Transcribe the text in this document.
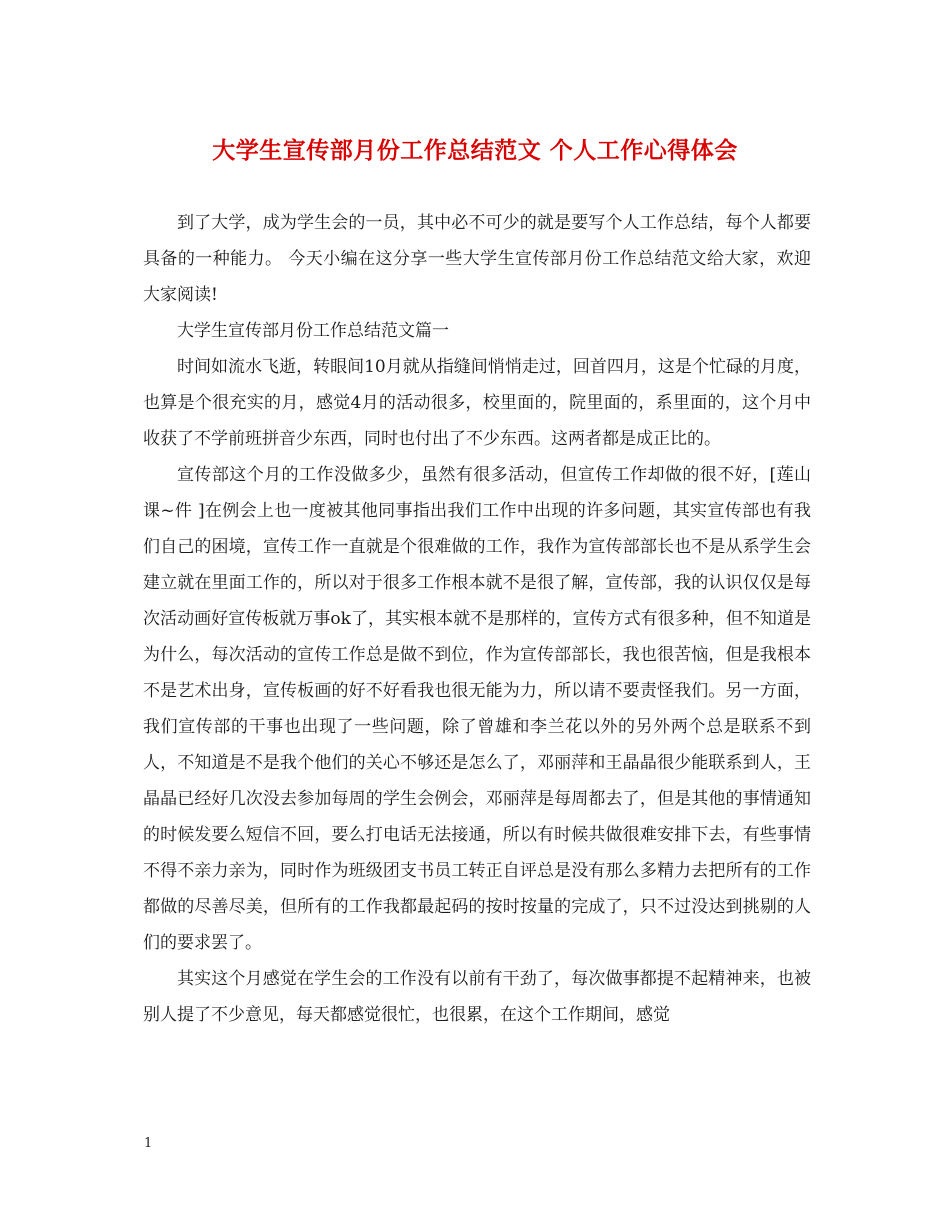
大学生宣传部月份工作总结范文 个人工作心得体会

到了大学，成为学生会的一员，其中必不可少的就是要写个人工作总结，每个人都要具备的一种能力。 今天小编在这分享一些大学生宣传部月份工作总结范文给大家，欢迎大家阅读!

大学生宣传部月份工作总结范文篇一

时间如流水飞逝，转眼间10月就从指缝间悄悄走过，回首四月，这是个忙碌的月度，也算是个很充实的月，感觉4月的活动很多，校里面的，院里面的，系里面的，这个月中收获了不学前班拼音少东西，同时也付出了不少东西。这两者都是成正比的。

宣传部这个月的工作没做多少，虽然有很多活动，但宣传工作却做的很不好，[莲山课~件 ]在例会上也一度被其他同事指出我们工作中出现的许多问题，其实宣传部也有我们自己的困境，宣传工作一直就是个很难做的工作，我作为宣传部部长也不是从系学生会建立就在里面工作的，所以对于很多工作根本就不是很了解，宣传部，我的认识仅仅是每次活动画好宣传板就万事ok了，其实根本就不是那样的，宣传方式有很多种，但不知道是为什么，每次活动的宣传工作总是做不到位，作为宣传部部长，我也很苦恼，但是我根本不是艺术出身，宣传板画的好不好看我也很无能为力，所以请不要责怪我们。另一方面，我们宣传部的干事也出现了一些问题，除了曾雄和李兰花以外的另外两个总是联系不到人，不知道是不是我个他们的关心不够还是怎么了，邓丽萍和王晶晶很少能联系到人，王晶晶已经好几次没去参加每周的学生会例会，邓丽萍是每周都去了，但是其他的事情通知的时候发要么短信不回，要么打电话无法接通，所以有时候共做很难安排下去，有些事情不得不亲力亲为，同时作为班级团支书员工转正自评总是没有那么多精力去把所有的工作都做的尽善尽美，但所有的工作我都最起码的按时按量的完成了，只不过没达到挑剔的人们的要求罢了。

其实这个月感觉在学生会的工作没有以前有干劲了，每次做事都提不起精神来，也被别人提了不少意见，每天都感觉很忙，也很累，在这个工作期间，感觉

1
